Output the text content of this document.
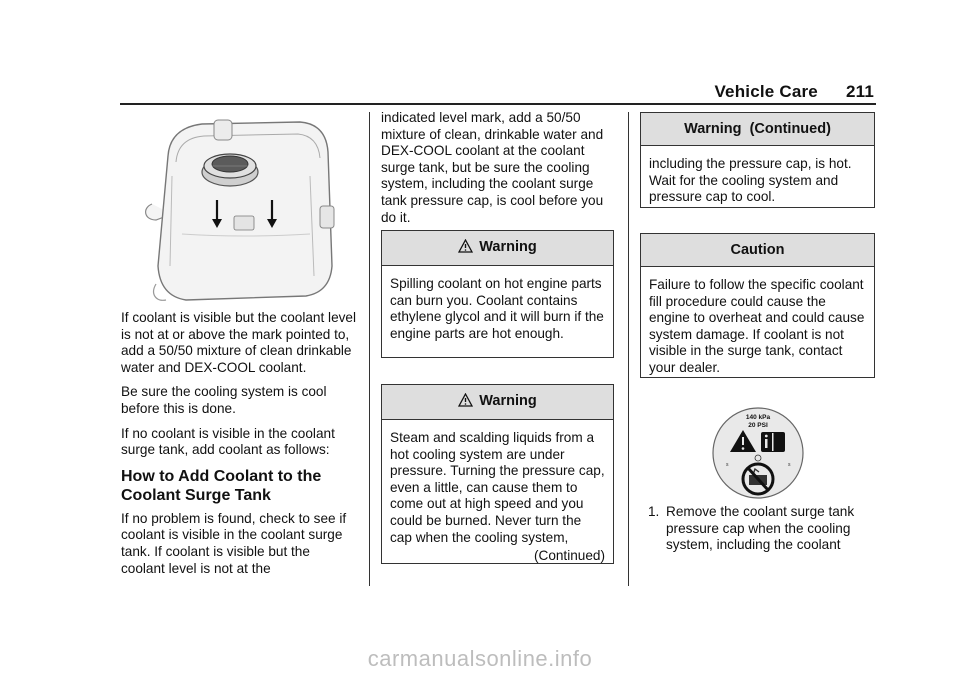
Vehicle Care 211

If coolant is visible but the coolant level is not at or above the mark pointed to, add a 50/50 mixture of clean drinkable water and DEX-COOL coolant.

Be sure the cooling system is cool before this is done.

If no coolant is visible in the coolant surge tank, add coolant as follows:

How to Add Coolant to the Coolant Surge Tank

If no problem is found, check to see if coolant is visible in the coolant surge tank. If coolant is visible but the coolant level is not at the

indicated level mark, add a 50/50 mixture of clean, drinkable water and DEX-COOL coolant at the coolant surge tank, but be sure the cooling system, including the coolant surge tank pressure cap, is cool before you do it.

Warning

Spilling coolant on hot engine parts can burn you. Coolant contains ethylene glycol and it will burn if the engine parts are hot enough.

Warning

Steam and scalding liquids from a hot cooling system are under pressure. Turning the pressure cap, even a little, can cause them to come out at high speed and you could be burned. Never turn the cap when the cooling system,

(Continued)

Warning  (Continued)

including the pressure cap, is hot. Wait for the cooling system and pressure cap to cool.

Caution

Failure to follow the specific coolant fill procedure could cause the engine to overheat and could cause system damage. If coolant is not visible in the surge tank, contact your dealer.

140 kPa
20 PSI
s	s
1. Remove the coolant surge tank pressure cap when the cooling system, including the coolant
carmanualsonline.info
